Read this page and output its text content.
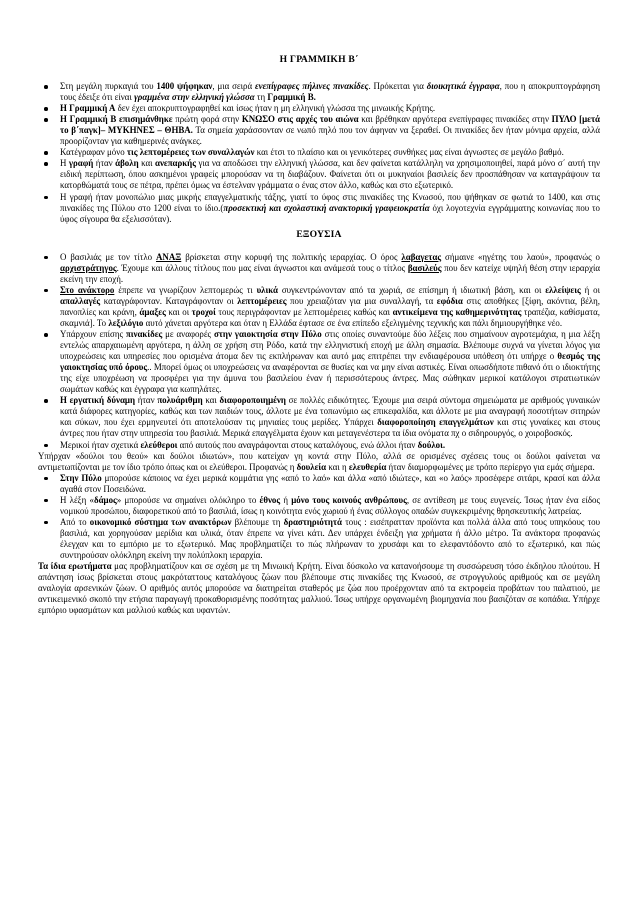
Η ΓΡΑΜΜΙΚΗ Β΄
Στη μεγάλη πυρκαγιά του 1400 ψήφηκαν, μια σειρά ενεπίγραφες πήλινες πινακίδες. Πρόκειται για διοικητικά έγγραφα, που η αποκρυπτογράφηση τους έδειξε ότι είναι γραμμένα στην ελληνική γλώσσα τη Γραμμική Β.
Η Γραμμική Α δεν έχει αποκρυπτογραφηθεί και ίσως ήταν η μη ελληνική γλώσσα της μινωικής Κρήτης.
Η Γραμμική Β επισημάνθηκε πρώτη φορά στην ΚΝΩΣΟ στις αρχές του αιώνα και βρέθηκαν αργότερα ενεπίγραφες πινακίδες στην ΠΥΛΟ [μετά το β΄παγκ]– ΜΥΚΗΝΕΣ – ΘΗΒΑ. Τα σημεία χαράσσονταν σε νωπό πηλό που τον άφηναν να ξεραθεί. Οι πινακίδες δεν ήταν μόνιμα αρχεία, αλλά προορίζονταν για καθημερινές ανάγκες.
Κατέγραφαν μόνο τις λεπτομέρειες των συναλλαγών και έτσι το πλαίσιο και οι γενικότερες συνθήκες μας είναι άγνωστες σε μεγάλο βαθμό.
Η γραφή ήταν άβολη και ανεπαρκής για να αποδώσει την ελληνική γλώσσα, και δεν φαίνεται κατάλληλη να χρησιμοποιηθεί, παρά μόνο σ΄ αυτή την ειδική περίπτωση, όπου ασκημένοι γραφείς μπορούσαν να τη διαβάζουν. Φαίνεται ότι οι μυκηναίοι βασιλείς δεν προσπάθησαν να καταγράψουν τα κατορθώματά τους σε πέτρα, πρέπει όμως να έστελναν γράμματα ο ένας στον άλλο, καθώς και στο εξωτερικό.
Η γραφή ήταν μονοπώλιο μιας μικρής επαγγελματικής τάξης, γιατί το ύφος στις πινακίδες της Κνωσού, που ψήθηκαν σε φωτιά το 1400, και στις πινακίδες της Πύλου στο 1200 είναι το ίδιο.(προσεκτική και σχολαστική ανακτορική γραφειοκρατία όχι λογοτεχνία εγγράμματης κοινωνίας που το ύφος σίγουρα θα εξελισσόταν).
ΕΞΟΥΣΙΑ
Ο βασιλιάς με τον τίτλο ΑΝΑΞ βρίσκεται στην κορυφή της πολιτικής ιεραρχίας. Ο όρος λαβαγετας σήμαινε «ηγέτης του λαού», προφανώς ο αρχιστράτηγος. Έχουμε και άλλους τίτλους που μας είναι άγνωστοι και ανάμεσά τους ο τίτλος βασιλεύς που δεν κατείχε υψηλή θέση στην ιεραρχία εκείνη την εποχή.
Στο ανάκτορο έπρεπε να γνωρίζουν λεπτομερώς τι υλικά συγκεντρώνονταν από τα χωριά, σε επίσημη ή ιδιωτική βάση, και οι ελλείψεις ή οι απαλλαγές καταγράφονταν. Καταγράφονταν οι λεπτομέρειες που χρειαζόταν για μια συναλλαγή, τα εφόδια στις αποθήκες [ξίφη, ακόντια, βέλη, πανοπλίες και κράνη, άμαξες και οι τροχοί τους περιγράφονταν με λεπτομέρειες καθώς και αντικείμενα της καθημερινότητας τραπέζια, καθίσματα, σκαμνιά]. Το λεξιλόγιο αυτό χάνεται αργότερα και όταν η Ελλάδα έφτασε σε ένα επίπεδο εξελιγμένης τεχνικής και πάλι δημιουργήθηκε νέο.
Υπάρχουν επίσης πινακίδες με αναφορές στην γαιοκτησία στην Πύλο στις οποίες συναντούμε δύο λέξεις που σημαίνουν αγροτεμάχια, η μια λέξη εντελώς απαρχαιωμένη αργότερα, η άλλη σε χρήση στη Ρόδο, κατά την ελληνιστική εποχή με άλλη σημασία. Βλέπουμε συχνά να γίνεται λόγος για υποχρεώσεις και υπηρεσίες που ορισμένα άτομα δεν τις εκπλήρωναν και αυτό μας επιτρέπει την ενδιαφέρουσα υπόθεση ότι υπήρχε ο θεσμός της γαιοκτησίας υπό όρους.. Μπορεί όμως οι υποχρεώσεις να αναφέρονται σε θυσίες και να μην είναι αστικές. Είναι οπωσδήποτε πιθανό ότι ο ιδιοκτήτης της είχε υποχρέωση να προσφέρει για την άμυνα του βασιλείου έναν ή περισσότερους άντρες. Μας σώθηκαν μερικοί κατάλογοι στρατιωτικών σωμάτων καθώς και έγγραφα για κωπηλάτες.
Η εργατική δύναμη ήταν πολυάριθμη και διαφοροποιημένη σε πολλές ειδικότητες. Έχουμε μια σειρά σύντομα σημειώματα με αριθμούς γυναικών κατά διάφορες κατηγορίες, καθώς και των παιδιών τους, άλλοτε με ένα τοπωνύμιο ως επικεφαλίδα, και άλλοτε με μια αναγραφή ποσοτήτων σιτηρών και σύκων, που έχει ερμηνευτεί ότι αποτελούσαν τις μηνιαίες τους μερίδες. Υπάρχει διαφοροποίηση επαγγελμάτων και στις γυναίκες και στους άντρες που ήταν στην υπηρεσία του βασιλιά. Μερικά επαγγέλματα έχουν και μεταγενέστερα τα ίδια ονόματα πχ ο σιδηρουργός, ο χοιροβοσκός.
Μερικοί ήταν σχετικά ελεύθεροι από αυτούς που αναγράφονται στους καταλόγους, ενώ άλλοι ήταν δούλοι.

Υπήρχαν «δούλοι του θεού» και δούλοι ιδιωτών», που κατείχαν γη κοντά στην Πύλο, αλλά σε ορισμένες σχέσεις τους οι δούλοι φαίνεται να αντιμετωπίζονται με τον ίδιο τρόπο όπως και οι ελεύθεροι. Προφανώς η δουλεία και η ελευθερία ήταν διαμορφωμένες με τρόπο περίεργο για εμάς σήμερα.

Στην Πύλο μπορούσε κάποιος να έχει μερικά κομμάτια γης «από το λαό» και άλλα «από ιδιώτες», και «ο λαός» προσέφερε σιτάρι, κρασί και άλλα αγαθά στον Ποσειδώνα.
Η λέξη «δάμος» μπορούσε να σημαίνει ολόκληρο το έθνος ή μόνο τους κοινούς ανθρώπους, σε αντίθεση με τους ευγενείς. Ίσως ήταν ένα είδος νομικού προσώπου, διαφορετικού από το βασιλιά, ίσως η κοινότητα ενός χωριού ή ένας σύλλογος οπαδών συγκεκριμένης θρησκευτικής λατρείας.
Από το οικονομικό σύστημα των ανακτόρων βλέπουμε τη δραστηριότητά τους : εισέπρατταν προϊόντα και πολλά άλλα από τους υπηκόους του βασιλιά, και χορηγούσαν μερίδια και υλικά, όταν έπρεπε να γίνει κάτι. Δεν υπάρχει ένδειξη για χρήματα ή άλλο μέτρο. Τα ανάκτορα προφανώς έλεγχαν και το εμπόριο με το εξωτερικό. Μας προβληματίζει το πώς πλήρωναν το χρυσάφι και το ελεφαντόδοντο από το εξωτερικό, και πώς συντηρούσαν ολόκληρη εκείνη την πολύπλοκη ιεραρχία.

Τα ίδια ερωτήματα μας προβληματίζουν και σε σχέση με τη Μινωική Κρήτη. Είναι δύσκολο να κατανοήσουμε τη συσσώρευση τόσο έκδηλου πλούτου. Η απάντηση ίσως βρίσκεται στους μακρόταττους καταλόγους ζώων που βλέπουμε στις πινακίδες της Κνωσού, σε στρογγυλούς αριθμούς και σε μεγάλη αναλογία αρσενικών ζώων. Ο αριθμός αυτός μπορούσε να διατηρείται σταθερός με ζώα που προέρχονταν από τα εκτροφεία προβάτων του παλατιού, με αντικειμενικό σκοπό την ετήσια παραγωγή προκαθορισμένης ποσότητας μαλλιού. Ίσως υπήρχε οργανωμένη βιομηχανία που βασιζόταν σε κοπάδια. Υπήρχε εμπόριο υφασμάτων και μαλλιού καθώς και υφαντών.
